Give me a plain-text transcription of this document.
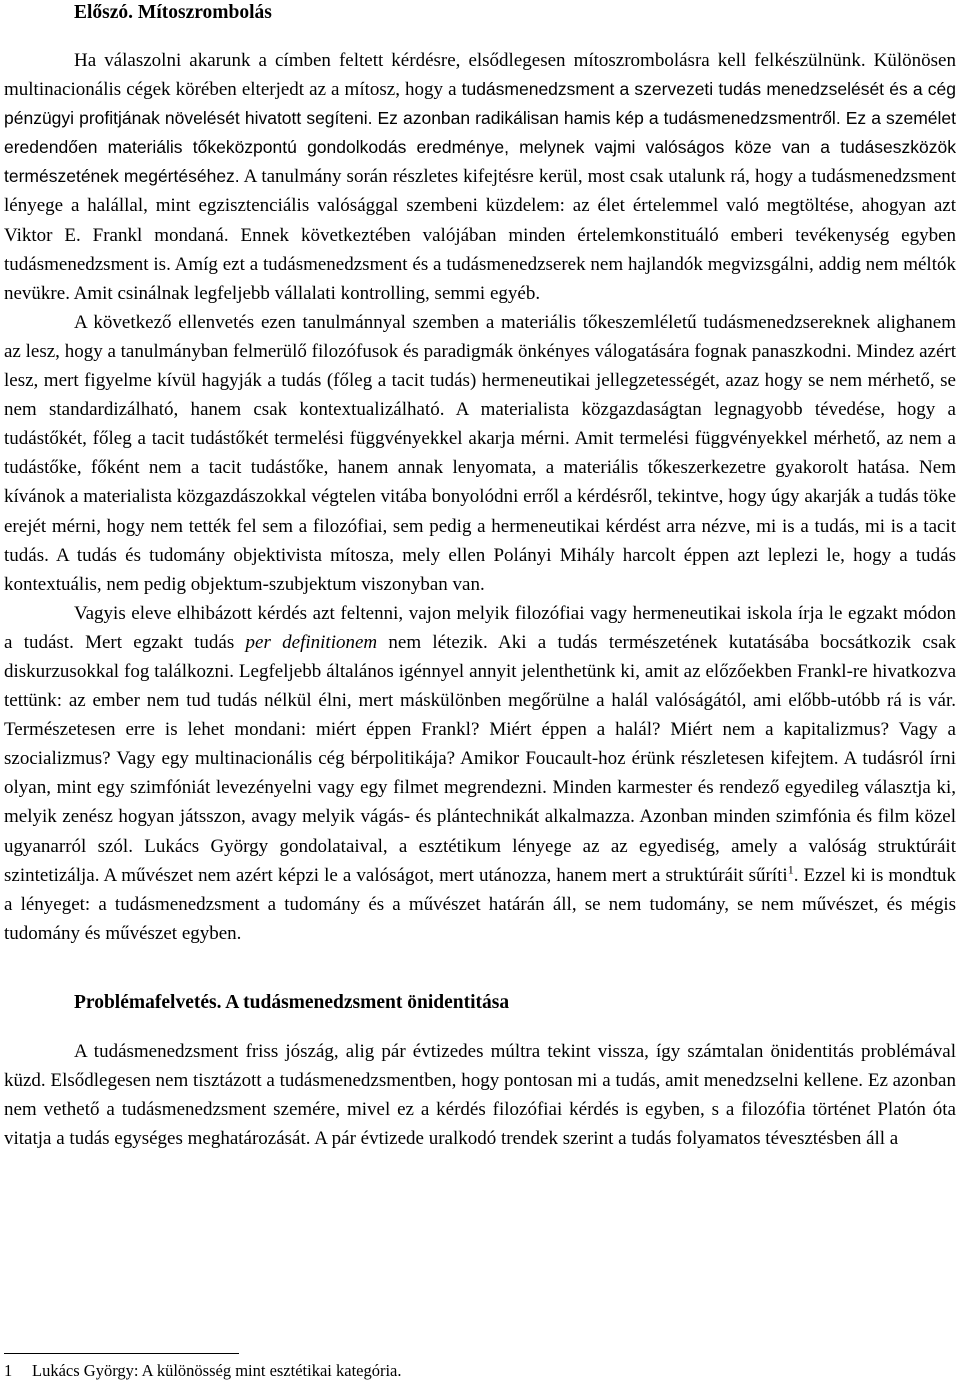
Előszó. Mítoszrombolás

Ha válaszolni akarunk a címben feltett kérdésre, elsődlegesen mítoszrombolásra kell felkészülnünk. Különösen multinacionális cégek körében elterjedt az a mítosz, hogy a tudásmenedzsment a szervezeti tudás menedzselését és a cég pénzügyi profitjának növelését hivatott segíteni. Ez azonban radikálisan hamis kép a tudásmenedzsmentről. Ez a személet eredendően materiális tőkeközpontú gondolkodás eredménye, melynek vajmi valóságos köze van a tudáseszközök természetének megértéséhez. A tanulmány során részletes kifejtésre kerül, most csak utalunk rá, hogy a tudásmenedzsment lényege a halállal, mint egzisztenciális valósággal szembeni küzdelem: az élet értelemmel való megtöltése, ahogyan azt Viktor E. Frankl mondaná. Ennek következtében valójában minden értelemkonstituáló emberi tevékenység egyben tudásmenedzsment is. Amíg ezt a tudásmenedzsment és a tudásmenedzserek nem hajlandók megvizsgálni, addig nem méltók nevükre. Amit csinálnak legfeljebb vállalati kontrolling, semmi egyéb.

A következő ellenvetés ezen tanulmánnyal szemben a materiális tőkeszemléletű tudásmenedzsereknek alighanem az lesz, hogy a tanulmányban felmerülő filozófusok és paradigmák önkényes válogatására fognak panaszkodni. Mindez azért lesz, mert figyelme kívül hagyják a tudás (főleg a tacit tudás) hermeneutikai jellegzetességét, azaz hogy se nem mérhető, se nem standardizálható, hanem csak kontextualizálható. A materialista közgazdaságtan legnagyobb tévedése, hogy a tudástőkét, főleg a tacit tudástőkét termelési függvényekkel akarja mérni. Amit termelési függvényekkel mérhető, az nem a tudástőke, főként nem a tacit tudástőke, hanem annak lenyomata, a materiális tőkeszerkezetre gyakorolt hatása. Nem kívánok a materialista közgazdászokkal végtelen vitába bonyolódni erről a kérdésről, tekintve, hogy úgy akarják a tudás töke erejét mérni, hogy nem tették fel sem a filozófiai, sem pedig a hermeneutikai kérdést arra nézve, mi is a tudás, mi is a tacit tudás. A tudás és tudomány objektivista mítosza, mely ellen Polányi Mihály harcolt éppen azt leplezi le, hogy a tudás kontextuális, nem pedig objektum-szubjektum viszonyban van.

Vagyis eleve elhibázott kérdés azt feltenni, vajon melyik filozófiai vagy hermeneutikai iskola írja le egzakt módon a tudást. Mert egzakt tudás per definitionem nem létezik. Aki a tudás természetének kutatásába bocsátkozik csak diskurzusokkal fog találkozni. Legfeljebb általános igénnyel annyit jelenthetünk ki, amit az előzőekben Frankl-re hivatkozva tettünk: az ember nem tud tudás nélkül élni, mert máskülönben megőrülne a halál valóságától, ami előbb-utóbb rá is vár. Természetesen erre is lehet mondani: miért éppen Frankl? Miért éppen a halál? Miért nem a kapitalizmus? Vagy a szocializmus? Vagy egy multinacionális cég bérpolitikája? Amikor Foucault-hoz érünk részletesen kifejtem. A tudásról írni olyan, mint egy szimfóniát levezényelni vagy egy filmet megrendezni. Minden karmester és rendező egyedileg választja ki, melyik zenész hogyan játsszon, avagy melyik vágás- és plántechnikát alkalmazza. Azonban minden szimfónia és film közel ugyanarról szól. Lukács György gondolataival, a esztétikum lényege az az egyediség, amely a valóság struktúráit szintetizálja. A művészet nem azért képzi le a valóságot, mert utánozza, hanem mert a struktúráit sűríti$^1$. Ezzel ki is mondtuk a lényeget: a tudásmenedzsment a tudomány és a művészet határán áll, se nem tudomány, se nem művészet, és mégis tudomány és művészet egyben.

Problémafelvetés. A tudásmenedzsment önidentitása

A tudásmenedzsment friss jószág, alig pár évtizedes múltra tekint vissza, így számtalan önidentitás problémával küzd. Elsődlegesen nem tisztázott a tudásmenedzsmentben, hogy pontosan mi a tudás, amit menedzselni kellene. Ez azonban nem vethető a tudásmenedzsment szemére, mivel ez a kérdés filozófiai kérdés is egyben, s a filozófia történet Platón óta vitatja a tudás egységes meghatározását. A pár évtizede uralkodó trendek szerint a tudás folyamatos tévesztésben áll a

1 Lukács György: A különösség mint esztétikai kategória.
